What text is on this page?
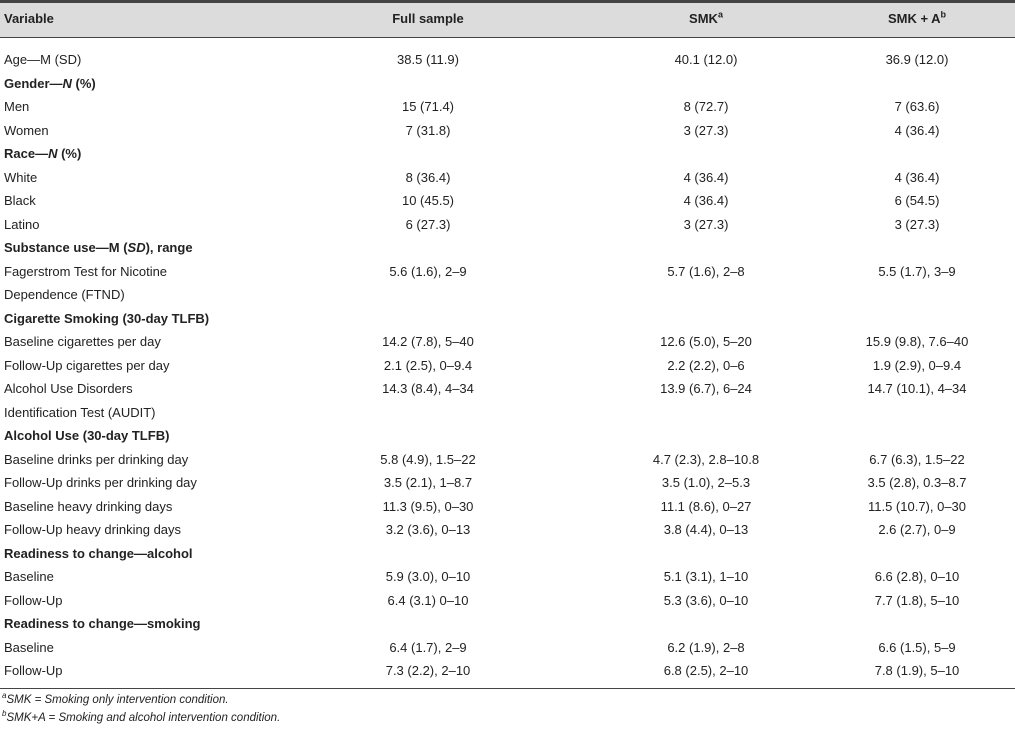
Variable	Full sample	SMK$^a$	SMK + $A^b$
Age—M (SD)	38.5 (11.9)	40.1 (12.0)	36.9 (12.0)
Gender—N (%)
Men	15 (71.4)	8 (72.7)	7 (63.6)
Women	7 (31.8)	3 (27.3)	4 (36.4)
Race—N (%)
White	8 (36.4)	4 (36.4)	4 (36.4)
Black	10 (45.5)	4 (36.4)	6 (54.5)
Latino	6 (27.3)	3 (27.3)	3 (27.3)
Substance use—M (SD), range
Fagerstrom Test for Nicotine	5.6 (1.6), 2–9	5.7 (1.6), 2–8	5.5 (1.7), 3–9
Dependence (FTND)
Cigarette Smoking (30-day TLFB)
Baseline cigarettes per day	14.2 (7.8), 5–40	12.6 (5.0), 5–20	15.9 (9.8), 7.6–40
Follow-Up cigarettes per day	2.1 (2.5), 0–9.4	2.2 (2.2), 0–6	1.9 (2.9), 0–9.4
Alcohol Use Disorders	14.3 (8.4), 4–34	13.9 (6.7), 6–24	14.7 (10.1), 4–34
Identification Test (AUDIT)
Alcohol Use (30-day TLFB)
Baseline drinks per drinking day	5.8 (4.9), 1.5–22	4.7 (2.3), 2.8–10.8	6.7 (6.3), 1.5–22
Follow-Up drinks per drinking day	3.5 (2.1), 1–8.7	3.5 (1.0), 2–5.3	3.5 (2.8), 0.3–8.7
Baseline heavy drinking days	11.3 (9.5), 0–30	11.1 (8.6), 0–27	11.5 (10.7), 0–30
Follow-Up heavy drinking days	3.2 (3.6), 0–13	3.8 (4.4), 0–13	2.6 (2.7), 0–9
Readiness to change—alcohol
Baseline	5.9 (3.0), 0–10	5.1 (3.1), 1–10	6.6 (2.8), 0–10
Follow-Up	6.4 (3.1) 0–10	5.3 (3.6), 0–10	7.7 (1.8), 5–10
Readiness to change—smoking
Baseline	6.4 (1.7), 2–9	6.2 (1.9), 2–8	6.6 (1.5), 5–9
Follow-Up	7.3 (2.2), 2–10	6.8 (2.5), 2–10	7.8 (1.9), 5–10
$^a$SMK = Smoking only intervention condition.
$^b$SMK+A = Smoking and alcohol intervention condition.
